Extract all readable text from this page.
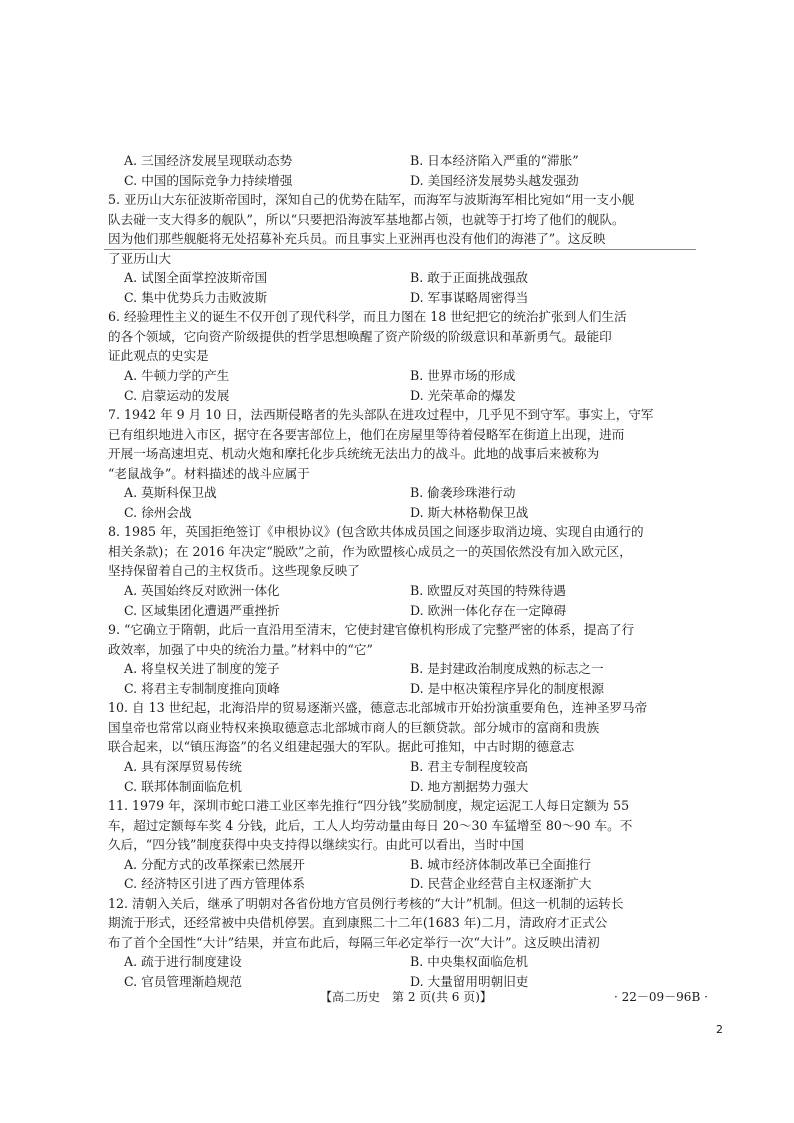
A. 三国经济发展呈现联动态势	B. 日本经济陷入严重的“滞胀”
C. 中国的国际竞争力持续增强	D. 美国经济发展势头越发强劲
5. 亚历山大东征波斯帝国时，深知自己的优势在陆军，而海军与波斯海军相比宛如“用一支小舰
队去碰一支大得多的舰队”，所以“只要把沿海波军基地都占领，也就等于打垮了他们的舰队。
因为他们那些舰艇将无处招募补充兵员。而且事实上亚洲再也没有他们的海港了”。这反映
了亚历山大
A. 试图全面掌控波斯帝国	B. 敢于正面挑战强敌
C. 集中优势兵力击败波斯	D. 军事谋略周密得当
6. 经验理性主义的诞生不仅开创了现代科学，而且力图在 18 世纪把它的统治扩张到人们生活
的各个领域，它向资产阶级提供的哲学思想唤醒了资产阶级的阶级意识和革新勇气。最能印
证此观点的史实是
A. 牛顿力学的产生	B. 世界市场的形成
C. 启蒙运动的发展	D. 光荣革命的爆发
7. 1942 年 9 月 10 日，法西斯侵略者的先头部队在进攻过程中，几乎见不到守军。事实上，守军
已有组织地进入市区，据守在各要害部位上，他们在房屋里等待着侵略军在街道上出现，进而
开展一场高速坦克、机动火炮和摩托化步兵统统无法出力的战斗。此地的战事后来被称为
“老鼠战争”。材料描述的战斗应属于
A. 莫斯科保卫战	B. 偷袭珍珠港行动
C. 徐州会战	D. 斯大林格勒保卫战
8. 1985 年，英国拒绝签订《申根协议》(包含欧共体成员国之间逐步取消边境、实现自由通行的
相关条款)；在 2016 年决定“脱欧”之前，作为欧盟核心成员之一的英国依然没有加入欧元区，
坚持保留着自己的主权货币。这些现象反映了
A. 英国始终反对欧洲一体化	B. 欧盟反对英国的特殊待遇
C. 区域集团化遭遇严重挫折	D. 欧洲一体化存在一定障碍
9. “它确立于隋朝，此后一直沿用至清末，它使封建官僚机构形成了完整严密的体系，提高了行
政效率，加强了中央的统治力量。”材料中的“它”
A. 将皇权关进了制度的笼子	B. 是封建政治制度成熟的标志之一
C. 将君主专制制度推向顶峰	D. 是中枢决策程序异化的制度根源
10. 自 13 世纪起，北海沿岸的贸易逐渐兴盛，德意志北部城市开始扮演重要角色，连神圣罗马帝
国皇帝也常常以商业特权来换取德意志北部城市商人的巨额贷款。部分城市的富商和贵族
联合起来，以“镇压海盗”的名义组建起强大的军队。据此可推知，中古时期的德意志
A. 具有深厚贸易传统	B. 君主专制程度较高
C. 联邦体制面临危机	D. 地方割据势力强大
11. 1979 年，深圳市蛇口港工业区率先推行“四分钱”奖励制度，规定运泥工人每日定额为 55
车，超过定额每车奖 4 分钱，此后，工人人均劳动量由每日 20～30 车猛增至 80～90 车。不
久后，“四分钱”制度获得中央支持得以继续实行。由此可以看出，当时中国
A. 分配方式的改革探索已然展开	B. 城市经济体制改革已全面推行
C. 经济特区引进了西方管理体系	D. 民营企业经营自主权逐渐扩大
12. 清朝入关后，继承了明朝对各省份地方官员例行考核的“大计”机制。但这一机制的运转长
期流于形式，还经常被中央借机停罢。直到康熙二十二年(1683 年)二月，清政府才正式公
布了首个全国性“大计”结果，并宣布此后，每隔三年必定举行一次“大计”。这反映出清初
A. 疏于进行制度建设	B. 中央集权面临危机
C. 官员管理渐趋规范	D. 大量留用明朝旧吏
【高二历史　第 2 页(共 6 页)】	· 22－09－96B ·
2
